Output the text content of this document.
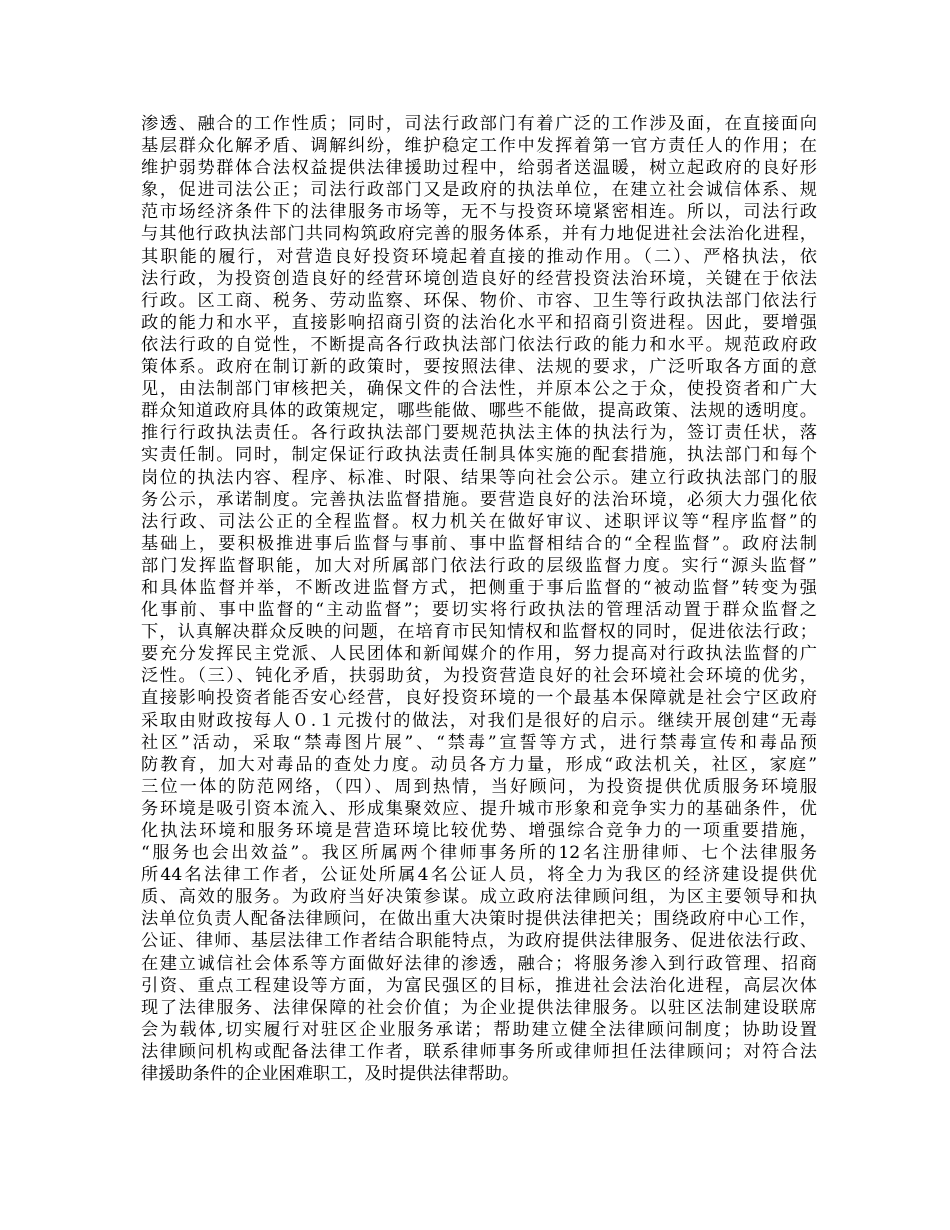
渗透、融合的工作性质；同时，司法行政部门有着广泛的工作涉及面，在直接面向
基层群众化解矛盾、调解纠纷，维护稳定工作中发挥着第一官方责任人的作用；在
维护弱势群体合法权益提供法律援助过程中，给弱者送温暖，树立起政府的良好形
象，促进司法公正；司法行政部门又是政府的执法单位，在建立社会诚信体系、规
范市场经济条件下的法律服务市场等，无不与投资环境紧密相连。所以，司法行政
与其他行政执法部门共同构筑政府完善的服务体系，并有力地促进社会法治化进程，
其职能的履行，对营造良好投资环境起着直接的推动作用。（二）、严格执法，依
法行政，为投资创造良好的经营环境创造良好的经营投资法治环境，关键在于依法
行政。区工商、税务、劳动监察、环保、物价、市容、卫生等行政执法部门依法行
政的能力和水平，直接影响招商引资的法治化水平和招商引资进程。因此，要增强
依法行政的自觉性，不断提高各行政执法部门依法行政的能力和水平。规范政府政
策体系。政府在制订新的政策时，要按照法律、法规的要求，广泛听取各方面的意
见，由法制部门审核把关，确保文件的合法性，并原本公之于众，使投资者和广大
群众知道政府具体的政策规定，哪些能做、哪些不能做，提高政策、法规的透明度。
推行行政执法责任。各行政执法部门要规范执法主体的执法行为，签订责任状，落
实责任制。同时，制定保证行政执法责任制具体实施的配套措施，执法部门和每个
岗位的执法内容、程序、标准、时限、结果等向社会公示。建立行政执法部门的服
务公示，承诺制度。完善执法监督措施。要营造良好的法治环境，必须大力强化依
法行政、司法公正的全程监督。权力机关在做好审议、述职评议等“程序监督”的
基础上，要积极推进事后监督与事前、事中监督相结合的“全程监督”。政府法制
部门发挥监督职能，加大对所属部门依法行政的层级监督力度。实行“源头监督”
和具体监督并举，不断改进监督方式，把侧重于事后监督的“被动监督”转变为强
化事前、事中监督的“主动监督”；要切实将行政执法的管理活动置于群众监督之
下，认真解决群众反映的问题，在培育市民知情权和监督权的同时，促进依法行政；
要充分发挥民主党派、人民团体和新闻媒介的作用，努力提高对行政执法监督的广
泛性。（三）、钝化矛盾，扶弱助贫，为投资营造良好的社会环境社会环境的优劣，
直接影响投资者能否安心经营，良好投资环境的一个最基本保障就是社会宁区政府
采取由财政按每人０.１元拨付的做法，对我们是很好的启示。继续开展创建“无毒
社区”活动，采取“禁毒图片展”、“禁毒”宣誓等方式，进行禁毒宣传和毒品预
防教育，加大对毒品的查处力度。动员各方力量，形成“政法机关，社区，家庭”
三位一体的防范网络，（四）、周到热情，当好顾问，为投资提供优质服务环境服
务环境是吸引资本流入、形成集聚效应、提升城市形象和竞争实力的基础条件，优
化执法环境和服务环境是营造环境比较优势、增强综合竞争力的一项重要措施，
“服务也会出效益”。我区所属两个律师事务所的12名注册律师、七个法律服务
所44名法律工作者，公证处所属4名公证人员，将全力为我区的经济建设提供优
质、高效的服务。为政府当好决策参谋。成立政府法律顾问组，为区主要领导和执
法单位负责人配备法律顾问，在做出重大决策时提供法律把关；围绕政府中心工作，
公证、律师、基层法律工作者结合职能特点，为政府提供法律服务、促进依法行政、
在建立诚信社会体系等方面做好法律的渗透，融合；将服务渗入到行政管理、招商
引资、重点工程建设等方面，为富民强区的目标，推进社会法治化进程，高层次体
现了法律服务、法律保障的社会价值；为企业提供法律服务。以驻区法制建设联席
会为载体,切实履行对驻区企业服务承诺；帮助建立健全法律顾问制度；协助设置
法律顾问机构或配备法律工作者，联系律师事务所或律师担任法律顾问；对符合法
律援助条件的企业困难职工，及时提供法律帮助。
